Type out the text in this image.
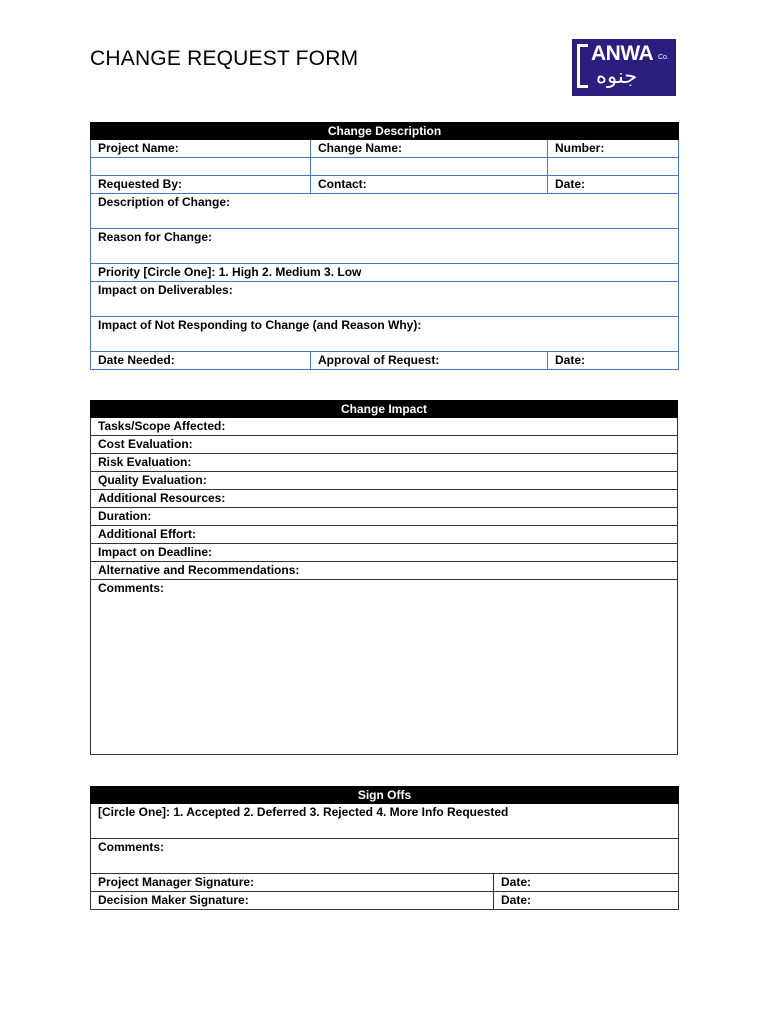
CHANGE REQUEST FORM	ANWA Co.
جنوه
Change Description		
Project Name:	Change Name:	Number:

Requested By:	Contact:	Date:
Description of Change:		
Reason for Change:		
Priority [Circle One]: 1. High 2. Medium 3. Low		
Impact on Deliverables:		
Impact of Not Responding to Change (and Reason Why):		
Date Needed:	Approval of Request:	Date:
Change Impact
Tasks/Scope Affected:
Cost Evaluation:
Risk Evaluation:
Quality Evaluation:
Additional Resources:
Duration:
Additional Effort:
Impact on Deadline:
Alternative and Recommendations:
Comments:
Sign Offs	
[Circle One]: 1. Accepted 2. Deferred 3. Rejected 4. More Info Requested	
Comments:	
Project Manager Signature:	Date:
Decision Maker Signature:	Date:
